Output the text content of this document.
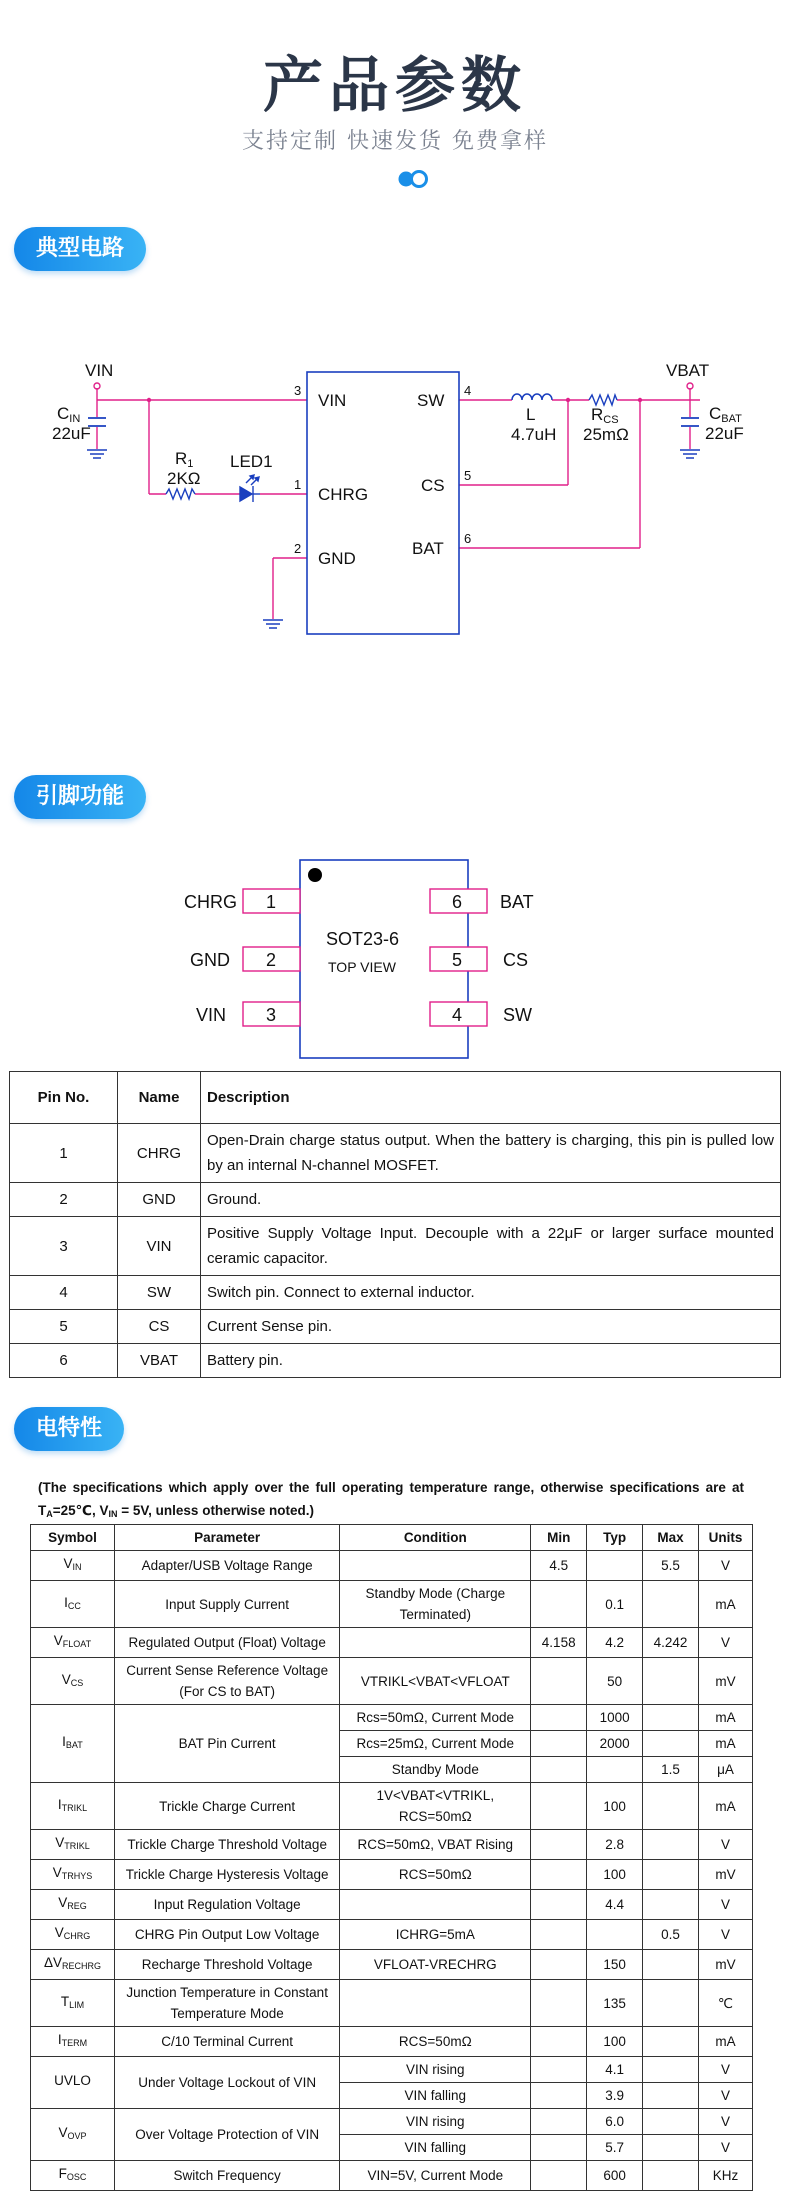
产品参数
支持定制 快速发货 免费拿样
典型电路
VIN
CIN
22uF
R1
2KΩ
LED1
VIN
CHRG
GND
SW
CS
BAT
L
4.7uH
RCS
25mΩ
VBAT
CBAT
22uF
3
1
2
4
5
6
引脚功能
1
2
3
6
5
4
CHRG
GND
VIN
BAT
CS
SW
SOT23-6
TOP VIEW
Pin No.	Name	Description
1	CHRG	Open-Drain charge status output. When the battery is charging, this pin is pulled low by an internal N-channel MOSFET.
2	GND	Ground.
3	VIN	Positive Supply Voltage Input. Decouple with a 22μF or larger surface mounted ceramic capacitor.
4	SW	Switch pin. Connect to external inductor.
5	CS	Current Sense pin.
6	VBAT	Battery pin.
电特性
(The specifications which apply over the full operating temperature range, otherwise specifications are at $T_A=25℃$, $V_{IN} = 5V$, unless otherwise noted.)
Symbol	Parameter	Condition	Min	Typ	Max	Units
$V_{IN}$	Adapter/USB Voltage Range		4.5		5.5	V
$I_{CC}$	Input Supply Current	Standby Mode (Charge Terminated)		0.1		mA
$V_{FLOAT}$	Regulated Output (Float) Voltage		4.158	4.2	4.242	V
$V_{CS}$	Current Sense Reference Voltage (For CS to BAT)	VTRIKL<VBAT<VFLOAT		50		mV
$I_{BAT}$	BAT Pin Current	Rcs=50mΩ, Current Mode		1000		mA
		Rcs=25mΩ, Current Mode		2000		mA
		Standby Mode			1.5	μA
$I_{TRIKL}$	Trickle Charge Current	1V<VBAT<VTRIKL, RCS=50mΩ		100		mA
$V_{TRIKL}$	Trickle Charge Threshold Voltage	RCS=50mΩ, VBAT Rising		2.8		V
$V_{TRHYS}$	Trickle Charge Hysteresis Voltage	RCS=50mΩ		100		mV
$V_{REG}$	Input Regulation Voltage			4.4		V
$V_{CHRG}$	CHRG Pin Output Low Voltage	ICHRG=5mA			0.5	V
$\Delta V_{RECHRG}$	Recharge Threshold Voltage	VFLOAT-VRECHRG		150		mV
$T_{LIM}$	Junction Temperature in Constant Temperature Mode			135		℃
$I_{TERM}$	C/10 Terminal Current	RCS=50mΩ		100		mA
UVLO	Under Voltage Lockout of VIN	VIN rising		4.1		V
		VIN falling		3.9		V
$V_{OVP}$	Over Voltage Protection of VIN	VIN rising		6.0		V
		VIN falling		5.7		V
$F_{OSC}$	Switch Frequency	VIN=5V, Current Mode		600		KHz
